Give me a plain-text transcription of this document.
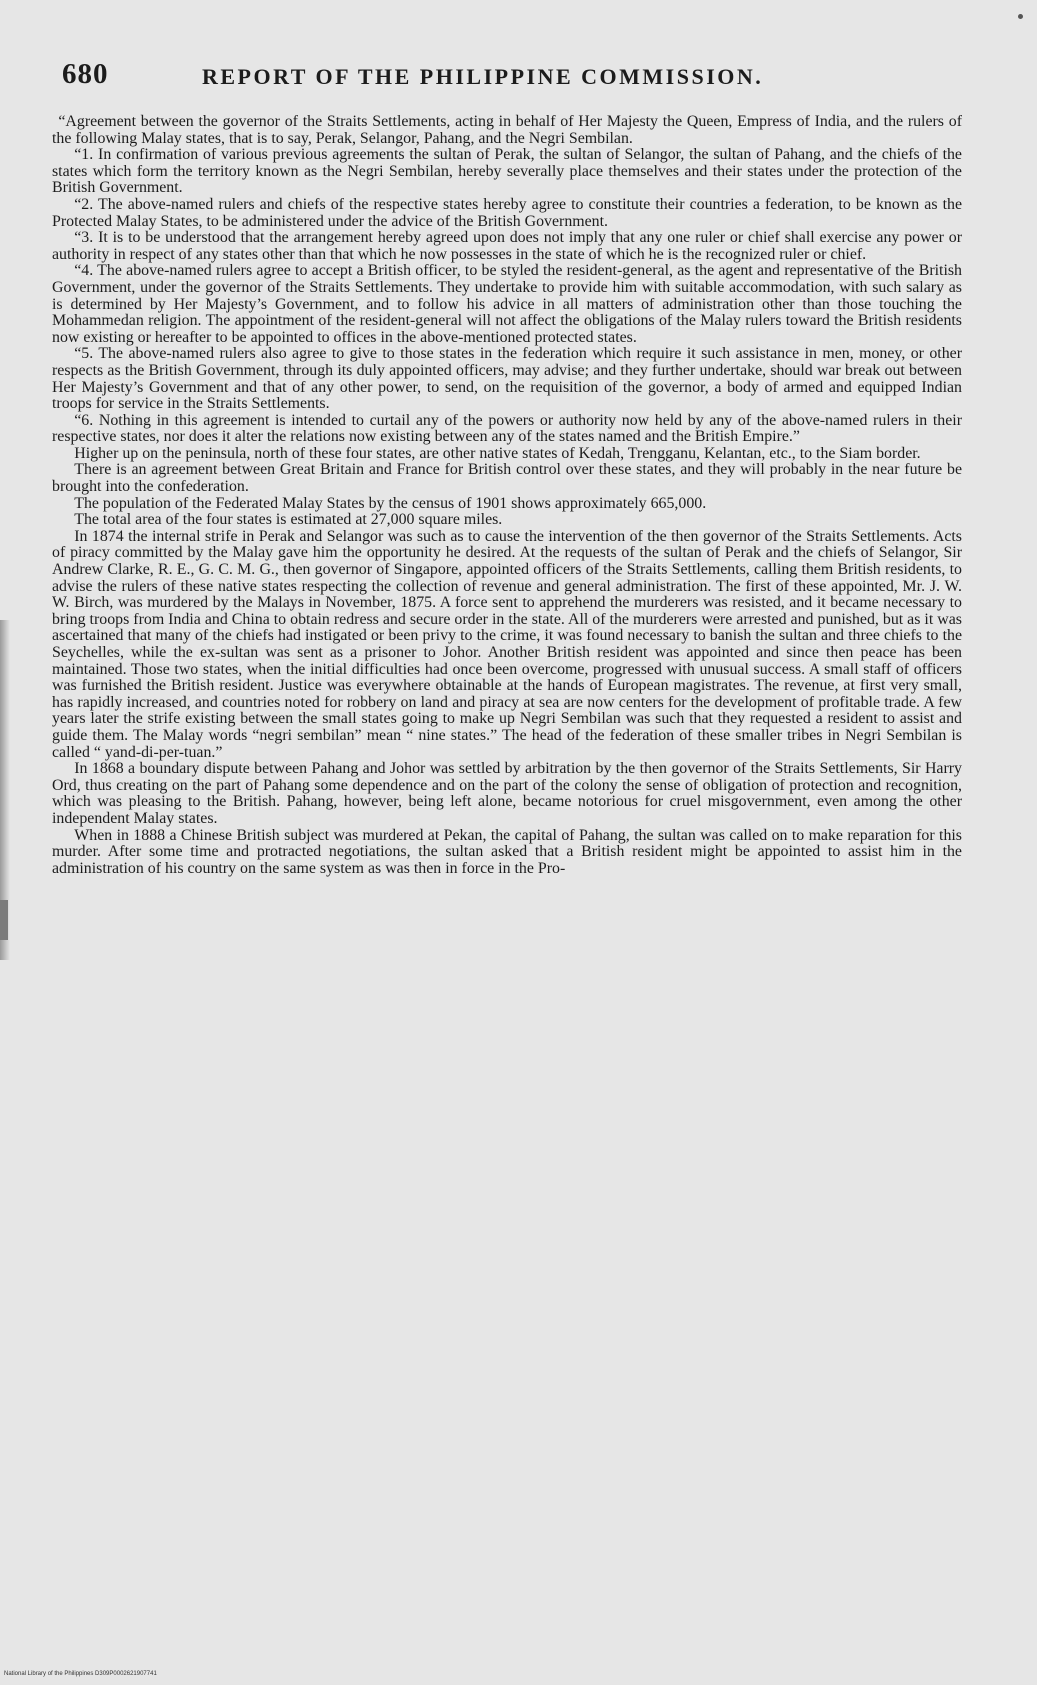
680	REPORT OF THE PHILIPPINE COMMISSION.

“Agreement between the governor of the Straits Settlements, acting in behalf of Her Majesty the Queen, Empress of India, and the rulers of the following Malay states, that is to say, Perak, Selangor, Pahang, and the Negri Sembilan.

“1. In confirmation of various previous agreements the sultan of Perak, the sultan of Selangor, the sultan of Pahang, and the chiefs of the states which form the territory known as the Negri Sembilan, hereby severally place themselves and their states under the protection of the British Government.

“2. The above-named rulers and chiefs of the respective states hereby agree to constitute their countries a federation, to be known as the Protected Malay States, to be administered under the advice of the British Government.

“3. It is to be understood that the arrangement hereby agreed upon does not imply that any one ruler or chief shall exercise any power or authority in respect of any states other than that which he now possesses in the state of which he is the recognized ruler or chief.

“4. The above-named rulers agree to accept a British officer, to be styled the resident-general, as the agent and representative of the British Government, under the governor of the Straits Settlements. They undertake to provide him with suitable accommodation, with such salary as is determined by Her Majesty’s Government, and to follow his advice in all matters of administration other than those touching the Mohammedan religion. The appointment of the resident-general will not affect the obligations of the Malay rulers toward the British residents now existing or hereafter to be appointed to offices in the above-mentioned protected states.

“5. The above-named rulers also agree to give to those states in the federation which require it such assistance in men, money, or other respects as the British Government, through its duly appointed officers, may advise; and they further undertake, should war break out between Her Majesty’s Government and that of any other power, to send, on the requisition of the governor, a body of armed and equipped Indian troops for service in the Straits Settlements.

“6. Nothing in this agreement is intended to curtail any of the powers or authority now held by any of the above-named rulers in their respective states, nor does it alter the relations now existing between any of the states named and the British Empire.”

Higher up on the peninsula, north of these four states, are other native states of Kedah, Trengganu, Kelantan, etc., to the Siam border.

There is an agreement between Great Britain and France for British control over these states, and they will probably in the near future be brought into the confederation.

The population of the Federated Malay States by the census of 1901 shows approximately 665,000.

The total area of the four states is estimated at 27,000 square miles.

In 1874 the internal strife in Perak and Selangor was such as to cause the intervention of the then governor of the Straits Settlements. Acts of piracy committed by the Malay gave him the opportunity he desired. At the requests of the sultan of Perak and the chiefs of Selangor, Sir Andrew Clarke, R. E., G. C. M. G., then governor of Singapore, appointed officers of the Straits Settlements, calling them British residents, to advise the rulers of these native states respecting the collection of revenue and general administration. The first of these appointed, Mr. J. W. W. Birch, was murdered by the Malays in November, 1875. A force sent to apprehend the murderers was resisted, and it became necessary to bring troops from India and China to obtain redress and secure order in the state. All of the murderers were arrested and punished, but as it was ascertained that many of the chiefs had instigated or been privy to the crime, it was found necessary to banish the sultan and three chiefs to the Seychelles, while the ex-sultan was sent as a prisoner to Johor. Another British resident was appointed and since then peace has been maintained. Those two states, when the initial difficulties had once been overcome, progressed with unusual success. A small staff of officers was furnished the British resident. Justice was everywhere obtainable at the hands of European magistrates. The revenue, at first very small, has rapidly increased, and countries noted for robbery on land and piracy at sea are now centers for the development of profitable trade. A few years later the strife existing between the small states going to make up Negri Sembilan was such that they requested a resident to assist and guide them. The Malay words “negri sembilan” mean “ nine states.” The head of the federation of these smaller tribes in Negri Sembilan is called “ yand-di-per-tuan.”

In 1868 a boundary dispute between Pahang and Johor was settled by arbitration by the then governor of the Straits Settlements, Sir Harry Ord, thus creating on the part of Pahang some dependence and on the part of the colony the sense of obligation of protection and recognition, which was pleasing to the British. Pahang, however, being left alone, became notorious for cruel misgovernment, even among the other independent Malay states.

When in 1888 a Chinese British subject was murdered at Pekan, the capital of Pahang, the sultan was called on to make reparation for this murder. After some time and protracted negotiations, the sultan asked that a British resident might be appointed to assist him in the administration of his country on the same system as was then in force in the Pro-

National Library of the Philippines D309P0002621907741
